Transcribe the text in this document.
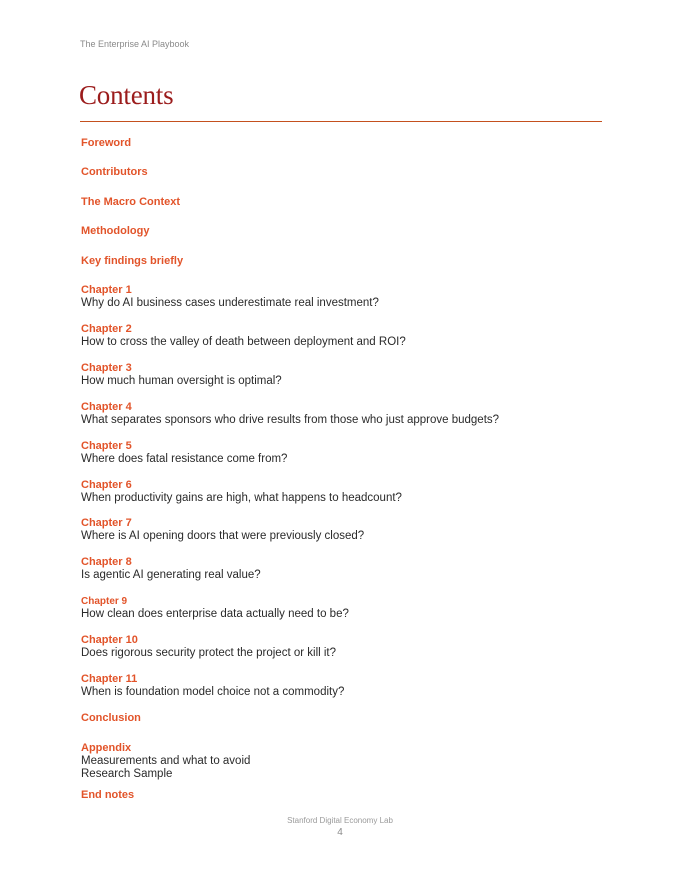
The Enterprise AI Playbook
Contents
Foreword
Contributors
The Macro Context
Methodology
Key findings briefly
Chapter 1
Why do AI business cases underestimate real investment?
Chapter 2
How to cross the valley of death between deployment and ROI?
Chapter 3
How much human oversight is optimal?
Chapter 4
What separates sponsors who drive results from those who just approve budgets?
Chapter 5
Where does fatal resistance come from?
Chapter 6
When productivity gains are high, what happens to headcount?
Chapter 7
Where is AI opening doors that were previously closed?
Chapter 8
Is agentic AI generating real value?
Chapter 9
How clean does enterprise data actually need to be?
Chapter 10
Does rigorous security protect the project or kill it?
Chapter 11
When is foundation model choice not a commodity?
Conclusion
Appendix
Measurements and what to avoid
Research Sample
End notes
Stanford Digital Economy Lab
4
